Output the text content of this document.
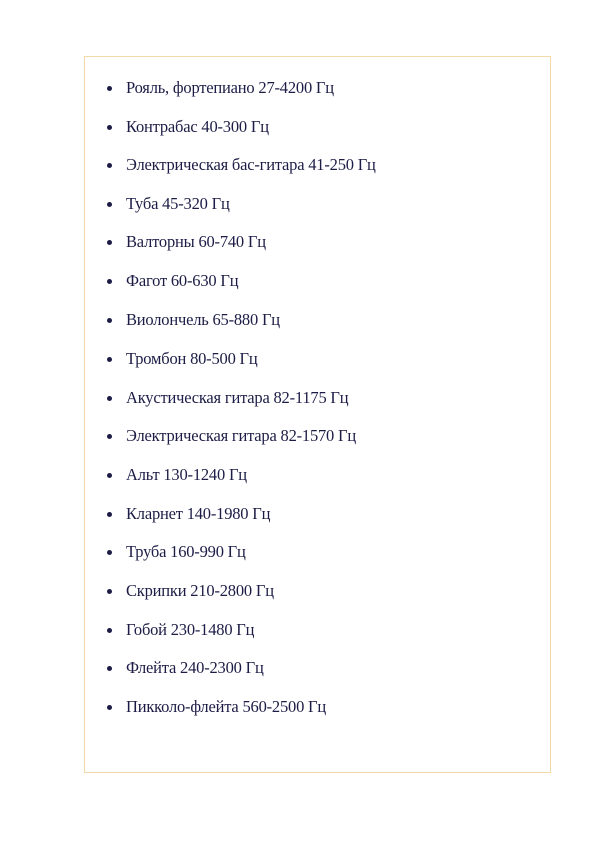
Рояль, фортепиано 27-4200 Гц
Контрабас 40-300 Гц
Электрическая бас-гитара 41-250 Гц
Туба 45-320 Гц
Валторны 60-740 Гц
Фагот 60-630 Гц
Виолончель 65-880 Гц
Тромбон 80-500 Гц
Акустическая гитара 82-1175 Гц
Электрическая гитара 82-1570 Гц
Альт 130-1240 Гц
Кларнет 140-1980 Гц
Труба 160-990 Гц
Скрипки 210-2800 Гц
Гобой 230-1480 Гц
Флейта 240-2300 Гц
Пикколо-флейта 560-2500 Гц
